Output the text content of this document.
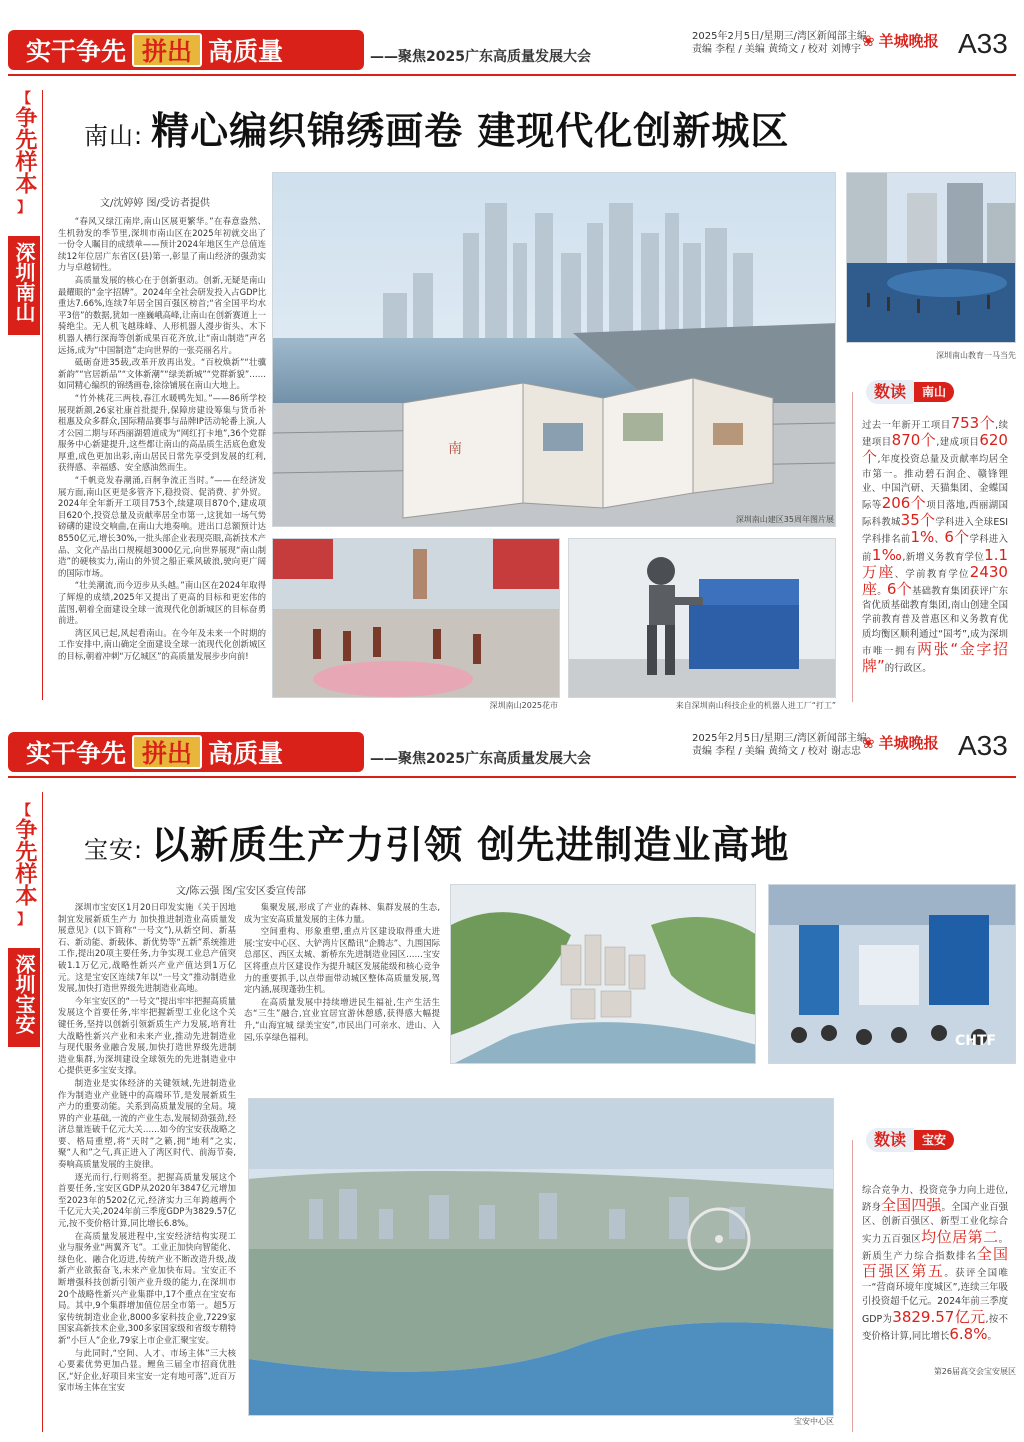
实干争先 拼出 高质量	——聚焦2025广东高质量发展大会
2025年2月5日/星期三/湾区新闻部主编
责编 李程 / 美编 黄绮文 / 校对 刘博宇 ❀ 羊城晚报 A33
【
争先样本
】
深圳南山
南山: 精心编织锦绣画卷 建现代化创新城区
文/沈婷婷 图/受访者提供

“春风又绿江南岸,南山区展更繁华。”在春意盎然、生机勃发的季节里,深圳市南山区在2025年初就交出了一份令人瞩目的成绩单——预计2024年地区生产总值连续12年位居广东省区(县)第一,彰显了南山经济的强劲实力与卓越韧性。

高质量发展的核心在于创新驱动。创新,无疑是南山最耀眼的“金字招牌”。2024年全社会研发投入占GDP比重达7.66%,连续7年居全国百强区榜首;“省全国平均水平3倍”的数据,犹如一座巍峨高峰,让南山在创新赛道上一骑绝尘。无人机飞越珠峰、人形机器人漫步街头、木下机器人栖行深海等创新成果百花齐放,让“南山制造”声名远扬,成为“中国制造”走向世界的一张亮丽名片。

砥砺奋进35载,改革开放再出发。“百校焕新”“壮骥新韵”“官居新品”“文体新潮”“绿美新城”“党群新貌”……如同精心编织的锦绣画卷,徐徐铺展在南山大地上。

“竹外桃花三两枝,春江水暖鸭先知。”——86所学校展现新颜,26家社康首批提升,保障房建设筹集与货币补租惠及众多群众,国际精品赛事与品牌IP活动轮番上演,人才公园二期与环西丽湖碧道成为“网红打卡地”,36个党群服务中心新建提升,这些都让南山的高品质生活底色愈发厚重,成色更加出彩,南山居民日常先享受到发展的红利,获得感、幸福感、安全感油然而生。

“千帆竞发春潮涌,百舸争流正当时。”——在经济发展方面,南山区更是多管齐下,稳投资、促消费、扩外贸。2024年全年新开工项目753个,续建项目870个,建成项目620个,投资总量及贡献率居全市第一,这犹如一场气势磅礴的建设交响曲,在南山大地奏响。进出口总额预计达8550亿元,增长30%,一批头部企业表现亮眼,高新技术产品、文化产品出口规模超3000亿元,向世界展现“南山制造”的硬核实力,南山的外贸之船正乘风破浪,驶向更广阔的国际市场。

“壮美潮流,而今迈步从头越。”南山区在2024年取得了辉煌的成绩,2025年又提出了更高的目标和更宏伟的蓝图,朝着全面建设全球一流现代化创新城区的目标奋勇前进。

湾区风已起,风起看南山。在今年及未来一个时期的工作安排中,南山确定全面建设全球一流现代化创新城区的目标,朝着冲刺“万亿城区”的高质量发展步步向前!

南
深圳南山建区35周年图片展
深圳南山教育一马当先
深圳南山2025花市	来自深圳南山科技企业的机器人进工厂“打工”
数读	南山
过去一年新开工项目753个,续建项目870个,建成项目620个,年度投资总量及贡献率均居全市第一。推动碧石润企、赣锋锂业、中国汽研、天猫集团、金蝶国际等206个项目落地,西丽湖国际科教城35个学科进入全球ESI学科排名前1%、6个学科进入前1‰,新增义务教育学位1.1万座、学前教育学位2430座。6个基础教育集团获评广东省优质基础教育集团,南山创建全国学前教育普及普惠区和义务教育优质均衡区顺利通过“国考”,成为深圳市唯一拥有两张“金字招牌”的行政区。
实干争先 拼出 高质量	——聚焦2025广东高质量发展大会
2025年2月5日/星期三/湾区新闻部主编
责编 李程 / 美编 黄绮文 / 校对 谢志忠 ❀ 羊城晚报 A33
【
争先样本
】
深圳宝安
宝安: 以新质生产力引领 创先进制造业高地
文/陈云强 图/宝安区委宣传部

深圳市宝安区1月20日印发实施《关于因地制宜发展新质生产力 加快推进制造业高质量发展意见》(以下简称“一号文”),从新空间、新基石、新动能、新载体、新优势等“五新”系统推进工作,提出20项主要任务,力争实现工业总产值突破1.1万亿元,战略性新兴产业产值达到1万亿元。这是宝安区连续7年以“一号文”推动制造业发展,加快打造世界级先进制造业高地。

今年宝安区的“一号文”提出牢牢把握高质量发展这个首要任务,牢牢把握新型工业化这个关键任务,坚持以创新引领新质生产力发展,培育壮大战略性新兴产业和未来产业,推动先进制造业与现代服务业融合发展,加快打造世界级先进制造业集群,为深圳建设全球领先的先进制造业中心提供更多宝安支撑。

制造业是实体经济的关键领域,先进制造业作为制造业产业链中的高端环节,是发展新质生产力的重要动能。关系到高质量发展的全局。境界的产业基础,一流的产业生态,发展韧劲强劲,经济总量连破千亿元大关……如今的宝安获战略之要、格局重塑,将“天时”之籁,拥“地利”之实,聚“人和”之气,真正进入了湾区时代、前海节奏,奏响高质量发展的主旋律。

逐光而行,行则将至。把握高质量发展这个首要任务,宝安区GDP从2020年3847亿元增加至2023年的5202亿元,经济实力三年跨越两个千亿元大关,2024年前三季度GDP为3829.57亿元,按不变价格计算,同比增长6.8%。

在高质量发展进程中,宝安经济结构实现工业与服务业“两翼齐飞”。工业正加快向智能化、绿色化、融合化迈进,传统产业不断改造升级,战新产业欲振奋飞,未来产业加快布局。宝安正不断增强科技创新引领产业升级的能力,在深圳市20个战略性新兴产业集群中,17个重点在宝安布局。其中,9个集群增加值位居全市第一。超5万家传统制造业企业,8000多家科技企业,7229家国家高新技术企业,300多家国家级和省级专精特新“小巨人”企业,79家上市企业汇聚宝安。

与此同时,“空间、人才、市场主体”三大核心要素优势更加凸显。鲤鱼三届全市招商优胜区,“好企业,好项目来宝安一定有地可落”,近百万家市场主体在宝安

集聚发展,形成了产业的森林、集群发展的生态,成为宝安高质量发展的主体力量。

空间重构、形象重塑,重点片区建设取得重大进展:宝安中心区、大铲湾片区酷讯“企腾志”、九围国际总部区、西区太城、新桥东先进制造业园区……宝安区将重点片区建设作为提升城区发展能级和核心竞争力的重要抓手,以点带面带动城区整体高质量发展,驾定内涵,展现蓬勃生机。

在高质量发展中持续增进民生福祉,生产生活生态“三生”融合,宜业宜居宜游休憩感,获得感大幅提升,“山海宜城 绿美宝安”,市民出门可亲水、进山、入园,乐享绿色福利。	CHTF
第26届高交会宝安展区
宝安中心区
数读	宝安
综合竞争力、投资竞争力向上进位,跻身全国四强。全国产业百强区、创新百强区、新型工业化综合实力五百强区均位居第二。新质生产力综合指数排名全国百强区第五。获评全国唯一“营商环境年度城区”,连续三年吸引投资超千亿元。2024年前三季度GDP为3829.57亿元,按不变价格计算,同比增长6.8%。
